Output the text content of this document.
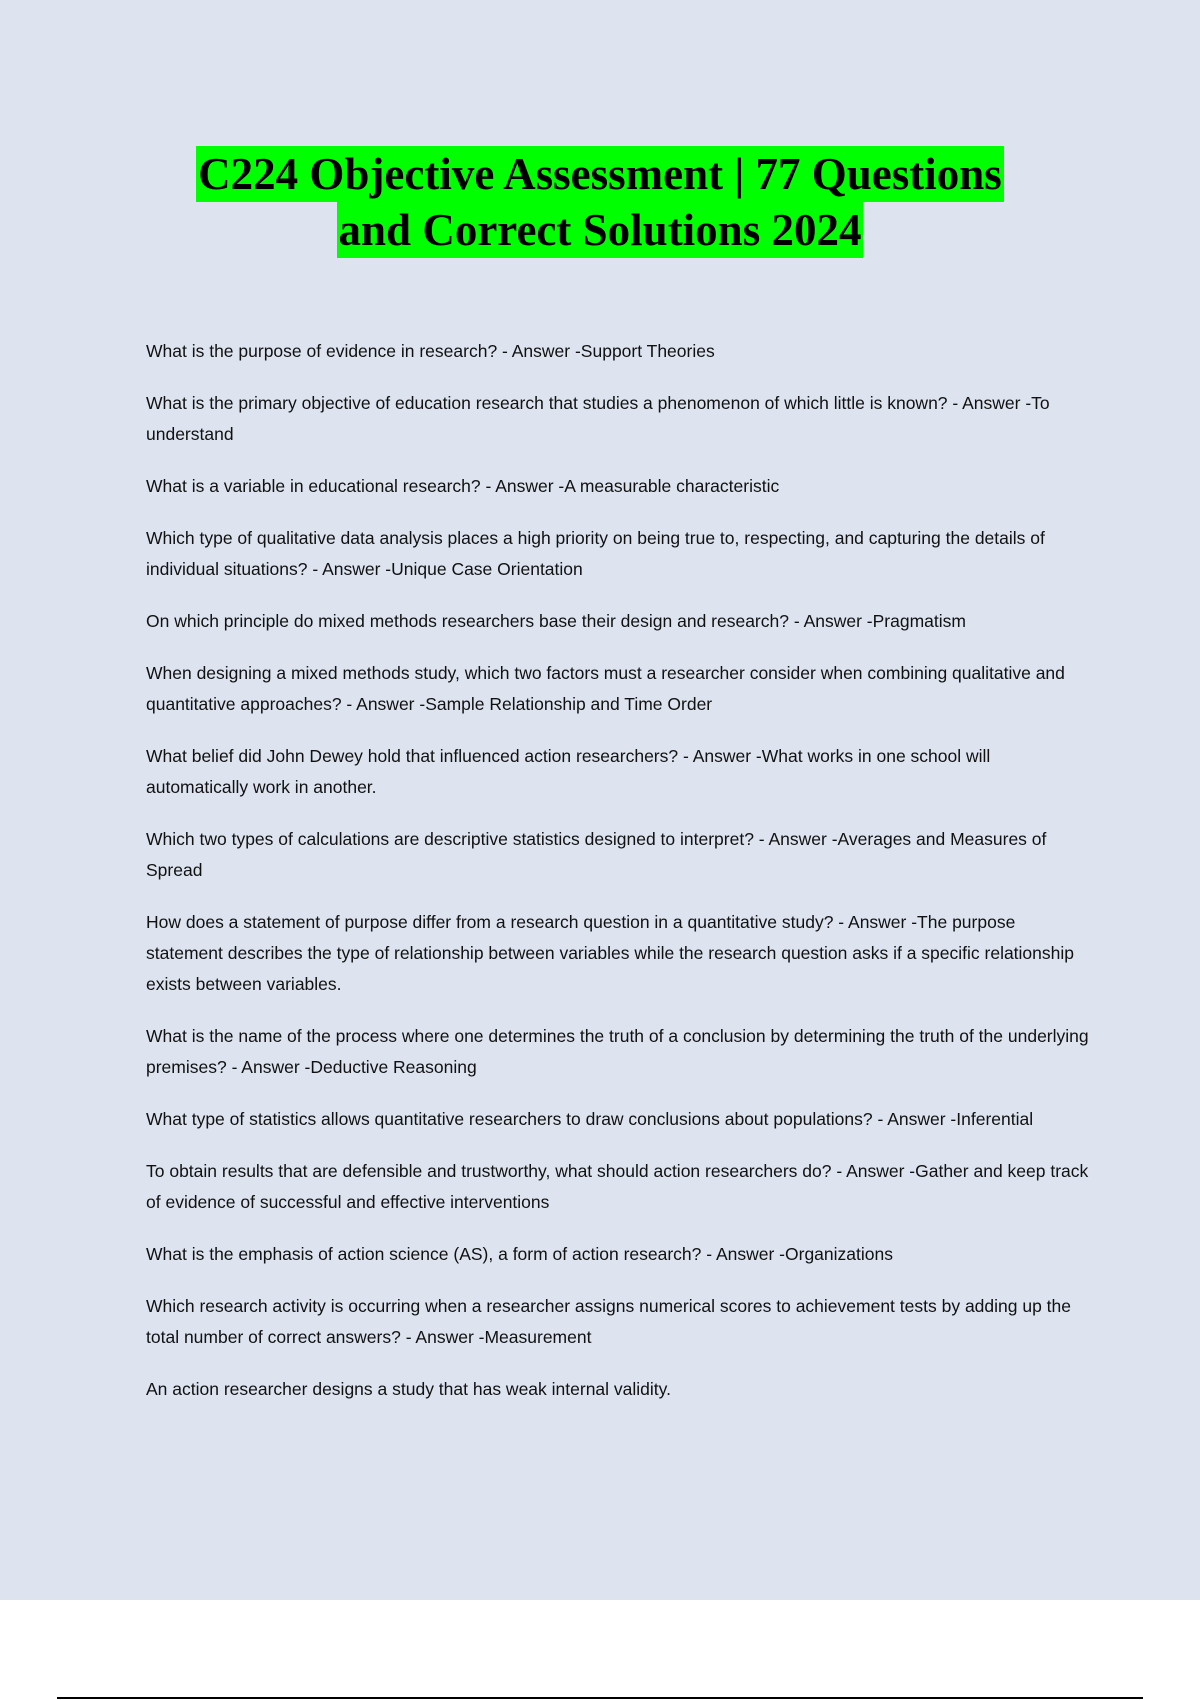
C224 Objective Assessment | 77 Questions
and Correct Solutions 2024

What is the purpose of evidence in research? - Answer -Support Theories

What is the primary objective of education research that studies a phenomenon of which little is known? - Answer -To understand

What is a variable in educational research? - Answer -A measurable characteristic

Which type of qualitative data analysis places a high priority on being true to, respecting, and capturing the details of individual situations? - Answer -Unique Case Orientation

On which principle do mixed methods researchers base their design and research? - Answer -Pragmatism

When designing a mixed methods study, which two factors must a researcher consider when combining qualitative and quantitative approaches? - Answer -Sample Relationship and Time Order

What belief did John Dewey hold that influenced action researchers? - Answer -What works in one school will automatically work in another.

Which two types of calculations are descriptive statistics designed to interpret? - Answer -Averages and Measures of Spread

How does a statement of purpose differ from a research question in a quantitative study? - Answer -The purpose statement describes the type of relationship between variables while the research question asks if a specific relationship exists between variables.

What is the name of the process where one determines the truth of a conclusion by determining the truth of the underlying premises? - Answer -Deductive Reasoning

What type of statistics allows quantitative researchers to draw conclusions about populations? - Answer -Inferential

To obtain results that are defensible and trustworthy, what should action researchers do? - Answer -Gather and keep track of evidence of successful and effective interventions

What is the emphasis of action science (AS), a form of action research? - Answer -Organizations

Which research activity is occurring when a researcher assigns numerical scores to achievement tests by adding up the total number of correct answers? - Answer -Measurement

An action researcher designs a study that has weak internal validity.
